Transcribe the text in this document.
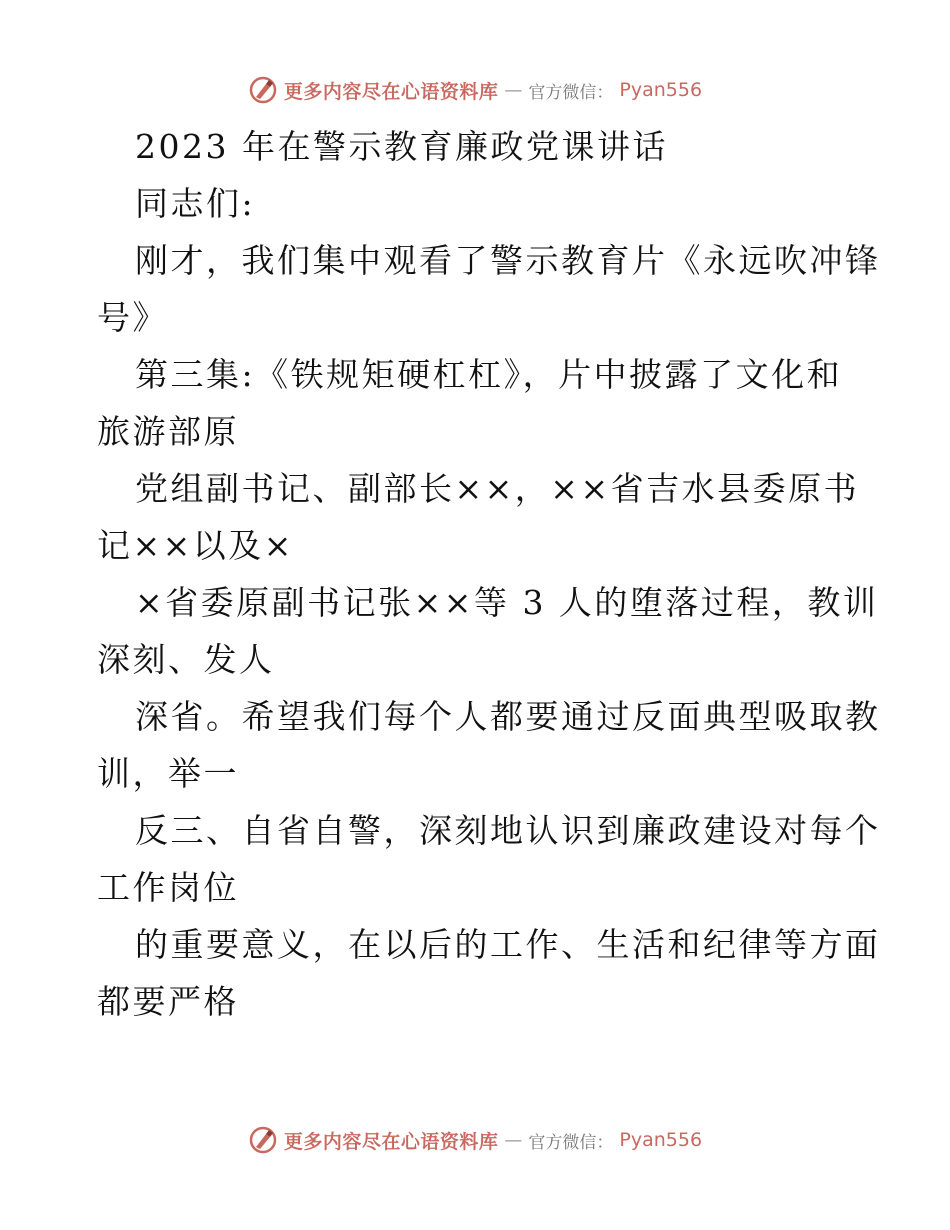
更多内容尽在心语资料库 — 官方微信： Pyan556
2023 年在警示教育廉政党课讲话
同志们:
刚才，我们集中观看了警示教育片《永远吹冲锋
号》
第三集:《铁规矩硬杠杠》，片中披露了文化和
旅游部原
党组副书记、副部长××，××省吉水县委原书
记××以及×
×省委原副书记张××等 3 人的堕落过程，教训
深刻、发人
深省。希望我们每个人都要通过反面典型吸取教
训，举一
反三、自省自警，深刻地认识到廉政建设对每个
工作岗位
的重要意义，在以后的工作、生活和纪律等方面
都要严格
更多内容尽在心语资料库 — 官方微信： Pyan556
